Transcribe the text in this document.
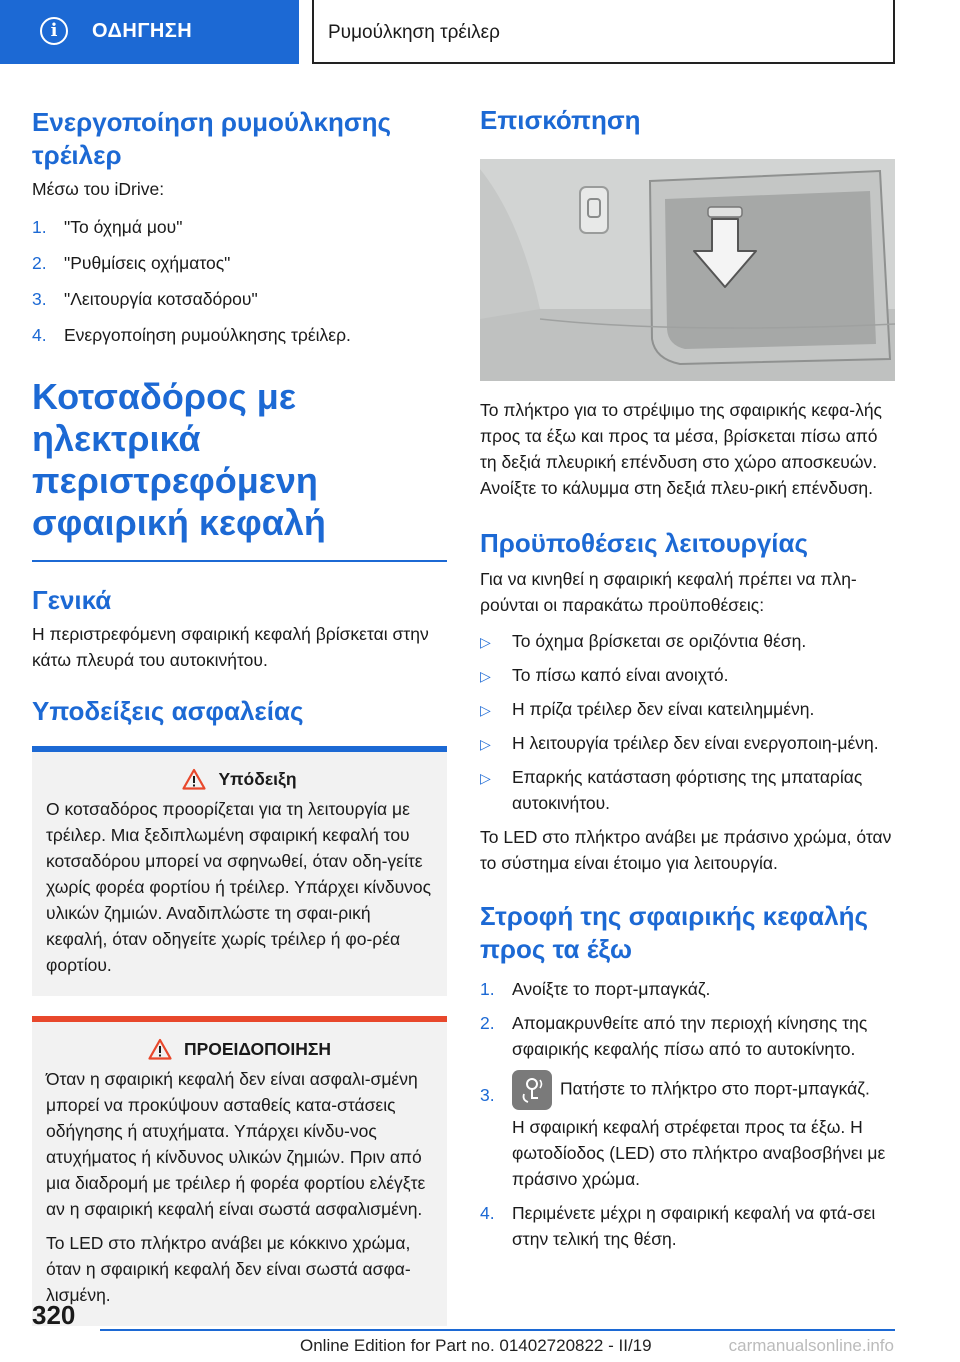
i	ΟΔΗΓΗΣΗ	Ρυμούλκηση τρέιλερ
Ενεργοποίηση ρυμούλκησης τρέιλερ

Μέσω του iDrive:

1. "Το όχημά μου"
2. "Ρυθμίσεις οχήματος"
3. "Λειτουργία κοτσαδόρου"
4. Ενεργοποίηση ρυμούλκησης τρέιλερ.
Κοτσαδόρος με ηλεκτρικά περιστρεφόμενη σφαιρική κεφαλή
Γενικά

Η περιστρεφόμενη σφαιρική κεφαλή βρίσκεται στην κάτω πλευρά του αυτοκινήτου.

Υποδείξεις ασφαλείας
Υπόδειξη

Ο κοτσαδόρος προορίζεται για τη λειτουργία με τρέιλερ. Μια ξεδιπλωμένη σφαιρική κεφαλή του κοτσαδόρου μπορεί να σφηνωθεί, όταν οδη-γείτε χωρίς φορέα φορτίου ή τρέιλερ. Υπάρχει κίνδυνος υλικών ζημιών. Αναδιπλώστε τη σφαι-ρική κεφαλή, όταν οδηγείτε χωρίς τρέιλερ ή φο-ρέα φορτίου.

ΠΡΟΕΙΔΟΠΟΙΗΣΗ

Όταν η σφαιρική κεφαλή δεν είναι ασφαλι-σμένη μπορεί να προκύψουν ασταθείς κατα-στάσεις οδήγησης ή ατυχήματα. Υπάρχει κίνδυ-νος ατυχήματος ή κίνδυνος υλικών ζημιών. Πριν από μια διαδρομή με τρέιλερ ή φορέα φορτίου ελέγξτε αν η σφαιρική κεφαλή είναι σωστά ασφαλισμένη.

Το LED στο πλήκτρο ανάβει με κόκκινο χρώμα, όταν η σφαιρική κεφαλή δεν είναι σωστά ασφα-λισμένη.

Επισκόπηση

Το πλήκτρο για το στρέψιμο της σφαιρικής κεφα-λής προς τα έξω και προς τα μέσα, βρίσκεται πίσω από τη δεξιά πλευρική επένδυση στο χώρο αποσκευών. Ανοίξτε το κάλυμμα στη δεξιά πλευ-ρική επένδυση.

Προϋποθέσεις λειτουργίας

Για να κινηθεί η σφαιρική κεφαλή πρέπει να πλη-ρούνται οι παρακάτω προϋποθέσεις:

▷ Το όχημα βρίσκεται σε οριζόντια θέση.
▷ Το πίσω καπό είναι ανοιχτό.
▷ Η πρίζα τρέιλερ δεν είναι κατειλημμένη.
▷ Η λειτουργία τρέιλερ δεν είναι ενεργοποιη-μένη.
▷ Επαρκής κατάσταση φόρτισης της μπαταρίας αυτοκινήτου.

Το LED στο πλήκτρο ανάβει με πράσινο χρώμα, όταν το σύστημα είναι έτοιμο για λειτουργία.

Στροφή της σφαιρικής κεφαλής προς τα έξω
1. Ανοίξτε το πορτ-μπαγκάζ.
2. Απομακρυνθείτε από την περιοχή κίνησης της σφαιρικής κεφαλής πίσω από το αυτοκίνητο.
3.	Πατήστε το πλήκτρο στο πορτ-μπαγκάζ.

Η σφαιρική κεφαλή στρέφεται προς τα έξω. Η φωτοδίοδος (LED) στο πλήκτρο αναβοσβήνει με πράσινο χρώμα.

4. Περιμένετε μέχρι η σφαιρική κεφαλή να φτά-σει στην τελική της θέση.
320
Online Edition for Part no. 01402720822 - II/19	carmanualsonline.info
